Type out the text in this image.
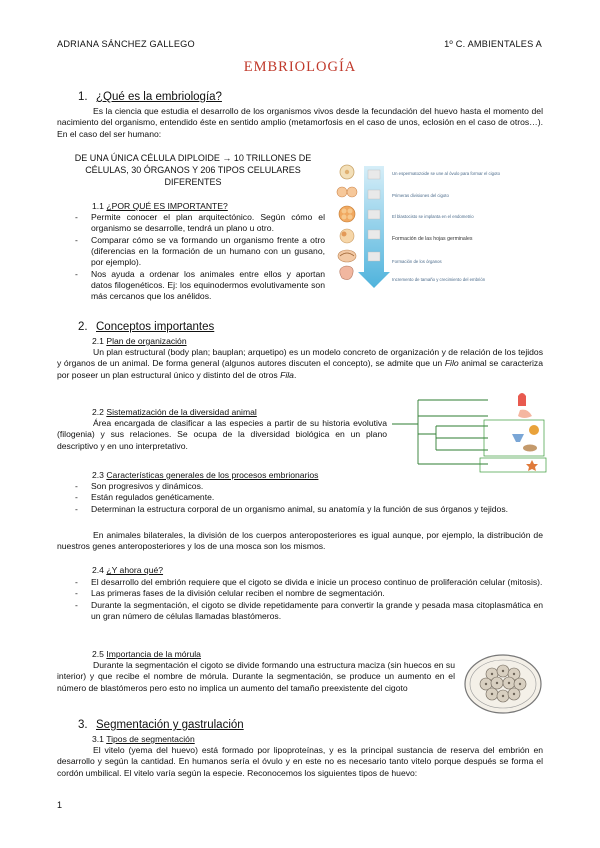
ADRIANA SÁNCHEZ GALLEGO	1º C. AMBIENTALES A
EMBRIOLOGÍA
1. ¿Qué es la embriología?
Es la ciencia que estudia el desarrollo de los organismos vivos desde la fecundación del huevo hasta el momento del nacimiento del organismo, entendido éste en sentido amplio (metamorfosis en el caso de unos, eclosión en el caso de otros…). En el caso del ser humano:
DE UNA ÚNICA CÉLULA DIPLOIDE → 10 TRILLONES DE CÉLULAS, 30 ÓRGANOS Y 206 TIPOS CELULARES DIFERENTES
1.1 ¿POR QUÉ ES IMPORTANTE?
- Permite conocer el plan arquitectónico. Según cómo el organismo se desarrolle, tendrá un plano u otro.
- Comparar cómo se va formando un organismo frente a otro (diferencias en la formación de un humano con un gusano, por ejemplo).
- Nos ayuda a ordenar los animales entre ellos y aportan datos filogenéticos. Ej: los equinodermos evolutivamente son más cercanos que los anélidos.
Un espermatozoide se une al óvulo para formar el cigoto
Primeras divisiones del cigoto
El blastocisto se implanta en el endometrio
Formación de las hojas germinales
Formación de los órganos
Incremento de tamaño y crecimiento del embrión
2. Conceptos importantes
2.1 Plan de organización
Un plan estructural (body plan; bauplan; arquetipo) es un modelo concreto de organización y de relación de los tejidos y órganos de un animal. De forma general (algunos autores discuten el concepto), se admite que un Filo animal se caracteriza por poseer un plan estructural único y distinto del de otros Fila.
2.2 Sistematización de la diversidad animal
Área encargada de clasificar a las especies a partir de su historia evolutiva (filogenia) y sus relaciones. Se ocupa de la diversidad biológica en un plano descriptivo y en uno interpretativo.
2.3 Características generales de los procesos embrionarios
- Son progresivos y dinámicos.
- Están regulados genéticamente.
- Determinan la estructura corporal de un organismo animal, su anatomía y la función de sus órganos y tejidos.
En animales bilaterales, la división de los cuerpos anteroposteriores es igual aunque, por ejemplo, la distribución de nuestros genes anteroposteriores y los de una mosca son los mismos.
2.4 ¿Y ahora qué?
- El desarrollo del embrión requiere que el cigoto se divida e inicie un proceso continuo de proliferación celular (mitosis).
- Las primeras fases de la división celular reciben el nombre de segmentación.
- Durante la segmentación, el cigoto se divide repetidamente para convertir la grande y pesada masa citoplasmática en un gran número de células llamadas blastómeros.
2.5 Importancia de la mórula
Durante la segmentación el cigoto se divide formando una estructura maciza (sin huecos en su interior) y que recibe el nombre de mórula. Durante la segmentación, se produce un aumento en el número de blastómeros pero esto no implica un aumento del tamaño preexistente del cigoto
3. Segmentación y gastrulación
3.1 Tipos de segmentación
El vitelo (yema del huevo) está formado por lipoproteínas, y es la principal sustancia de reserva del embrión en desarrollo y según la cantidad. En humanos sería el óvulo y en este no es necesario tanto vitelo porque después se forma el cordón umbilical. El vitelo varía según la especie. Reconocemos los siguientes tipos de huevo:
1
